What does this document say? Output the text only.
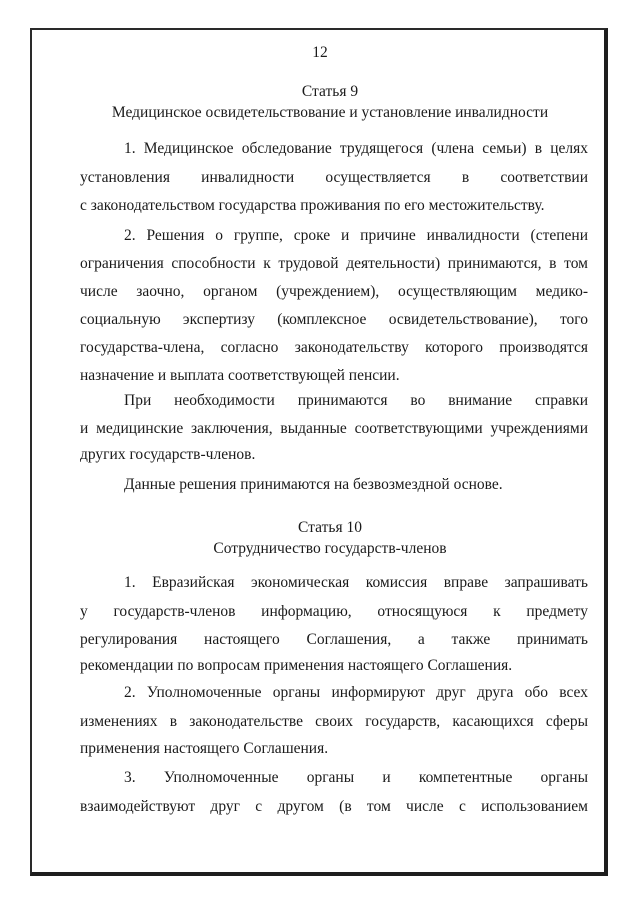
12
Статья 9
Медицинское освидетельствование и установление инвалидности
1. Медицинское обследование трудящегося (члена семьи) в целях
установления инвалидности осуществляется в соответствии
с законодательством государства проживания по его местожительству.
2. Решения о группе, сроке и причине инвалидности (степени
ограничения способности к трудовой деятельности) принимаются, в том
числе заочно, органом (учреждением), осуществляющим медико-
социальную экспертизу (комплексное освидетельствование), того
государства-члена, согласно законодательству которого производятся
назначение и выплата соответствующей пенсии.
При необходимости принимаются во внимание справки
и медицинские заключения, выданные соответствующими учреждениями
других государств-членов.
Данные решения принимаются на безвозмездной основе.
Статья 10
Сотрудничество государств-членов
1. Евразийская экономическая комиссия вправе запрашивать
у государств-членов информацию, относящуюся к предмету
регулирования настоящего Соглашения, а также принимать
рекомендации по вопросам применения настоящего Соглашения.
2. Уполномоченные органы информируют друг друга обо всех
изменениях в законодательстве своих государств, касающихся сферы
применения настоящего Соглашения.
3. Уполномоченные органы и компетентные органы
взаимодействуют друг с другом (в том числе с использованием
